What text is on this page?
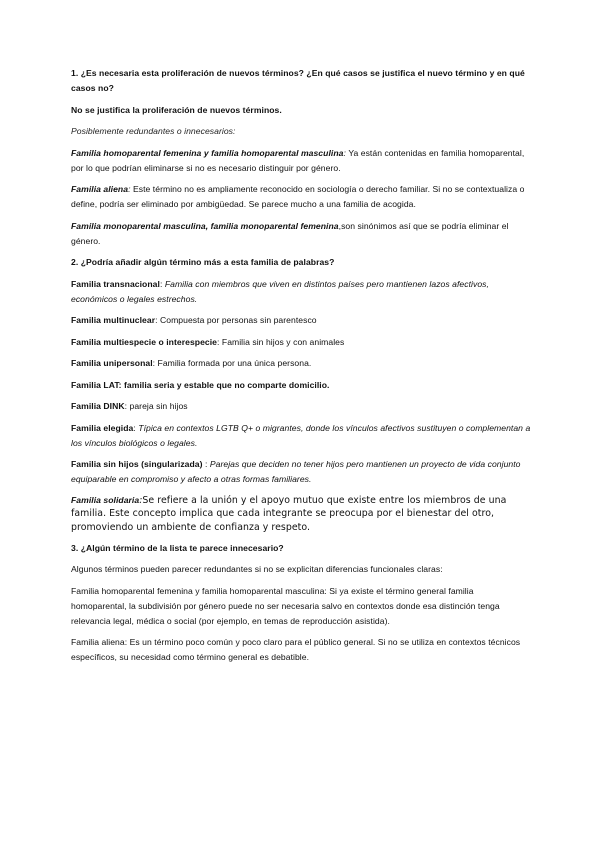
1. ¿Es necesaria esta proliferación de nuevos términos? ¿En qué casos se justifica el nuevo término y en qué casos no?

No se justifica la proliferación de nuevos términos.

Posiblemente redundantes o innecesarios:

Familia homoparental femenina y familia homoparental masculina: Ya están contenidas en familia homoparental, por lo que podrían eliminarse si no es necesario distinguir por género.

Familia aliena: Este término no es ampliamente reconocido en sociología o derecho familiar. Si no se contextualiza o define, podría ser eliminado por ambigüedad. Se parece mucho a una familia de acogida.

Familia monoparental masculina, familia monoparental femenina,son sinónimos así que se podría eliminar el género.

2. ¿Podría añadir algún término más a esta familia de palabras?

Familia transnacional: Familia con miembros que viven en distintos países pero mantienen lazos afectivos, económicos o legales estrechos.

Familia multinuclear: Compuesta por personas sin parentesco

Familia multiespecie o interespecie: Familia sin hijos y con animales

Familia unipersonal: Familia formada por una única persona.

Familia LAT: familia seria y estable que no comparte domicilio.

Familia DINK: pareja sin hijos

Familia elegida: Típica en contextos LGTB Q+ o migrantes, donde los vínculos afectivos sustituyen o complementan a los vínculos biológicos o legales.

Familia sin hijos (singularizada) : Parejas que deciden no tener hijos pero mantienen un proyecto de vida conjunto equiparable en compromiso y afecto a otras formas familiares.

Familia solidaria:Se refiere a la unión y el apoyo mutuo que existe entre los miembros de una familia. Este concepto implica que cada integrante se preocupa por el bienestar del otro, promoviendo un ambiente de confianza y respeto.

3. ¿Algún término de la lista te parece innecesario?

Algunos términos pueden parecer redundantes si no se explicitan diferencias funcionales claras:

Familia homoparental femenina y familia homoparental masculina: Si ya existe el término general familia homoparental, la subdivisión por género puede no ser necesaria salvo en contextos donde esa distinción tenga relevancia legal, médica o social (por ejemplo, en temas de reproducción asistida).

Familia aliena: Es un término poco común y poco claro para el público general. Si no se utiliza en contextos técnicos específicos, su necesidad como término general es debatible.
